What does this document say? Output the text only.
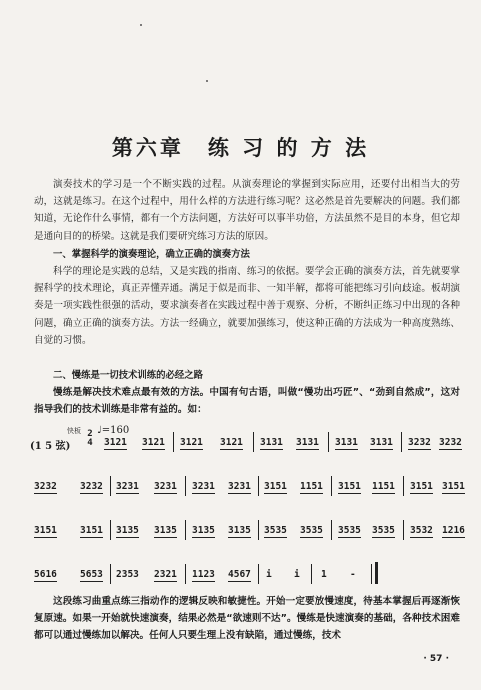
第六章　练 习 的 方 法

演奏技术的学习是一个不断实践的过程。从演奏理论的掌握到实际应用，还要付出相当大的劳动，这就是练习。在这个过程中，用什么样的方法进行练习呢？这必然是首先要解决的问题。我们都知道，无论作什么事情，都有一个方法问题，方法好可以事半功倍，方法虽然不是目的本身，但它却是通向目的的桥梁。这就是我们要研究练习方法的原因。

一、掌握科学的演奏理论，确立正确的演奏方法

科学的理论是实践的总结，又是实践的指南、练习的依据。要学会正确的演奏方法，首先就要掌握科学的技术理论，真正弄懂弄通。满足于似是而非、一知半解，都将可能把练习引向歧途。板胡演奏是一项实践性很强的活动，要求演奏者在实践过程中善于观察、分析，不断纠正练习中出现的各种问题，确立正确的演奏方法。方法一经确立，就要加强练习，使这种正确的方法成为一种高度熟练、自觉的习惯。

二、慢练是一切技术训练的必经之路

慢练是解决技术难点最有效的方法。中国有句古语，叫做“慢功出巧匠”、“劲到自然成”，这对指导我们的技术训练是非常有益的。如：

快板 ♩=160
(1 5 弦)
2
4 3121 3121 3121 3121 3131 3131 3131 3131 3232 3232
3232 3232 3231 3231 3231 3231 3151 1151 3151 1151 3151 3151
3151 3151 3135 3135 3135 3135 3535 3535 3535 3535 3532 1216
5616 5653 2353 2321 1123 4567 i i 1 -

这段练习曲重点练三指动作的逻辑反映和敏捷性。开始一定要放慢速度，待基本掌握后再逐渐恢复原速。如果一开始就快速演奏，结果必然是“欲速则不达”。慢练是快速演奏的基础，各种技术困难都可以通过慢练加以解决。任何人只要生理上没有缺陷，通过慢练，技术

· 57 ·
